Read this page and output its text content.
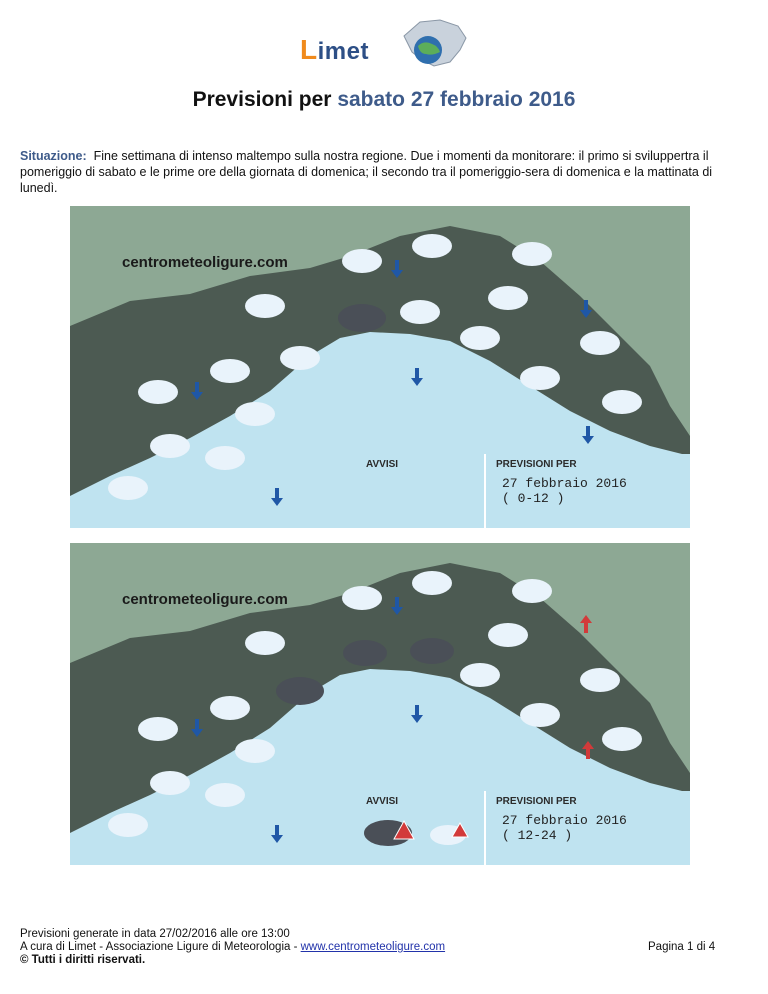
Limet
Previsioni per sabato 27 febbraio 2016
Situazione: Fine settimana di intenso maltempo sulla nostra regione. Due i momenti da monitorare: il primo si sviluppertra il pomeriggio di sabato e le prime ore della giornata di domenica; il secondo tra il pomeriggio-sera di domenica e la mattinata di lunedì.
centrometeoligure.com
AVVISI	PREVISIONI PER
27 febbraio 2016
( 0-12 )
centrometeoligure.com
AVVISI	PREVISIONI PER
27 febbraio 2016
( 12-24 )
Previsioni generate in data 27/02/2016 alle ore 13:00
A cura di Limet - Associazione Ligure di Meteorologia - www.centrometeoligure.com
© Tutti i diritti riservati.
Pagina 1 di 4
